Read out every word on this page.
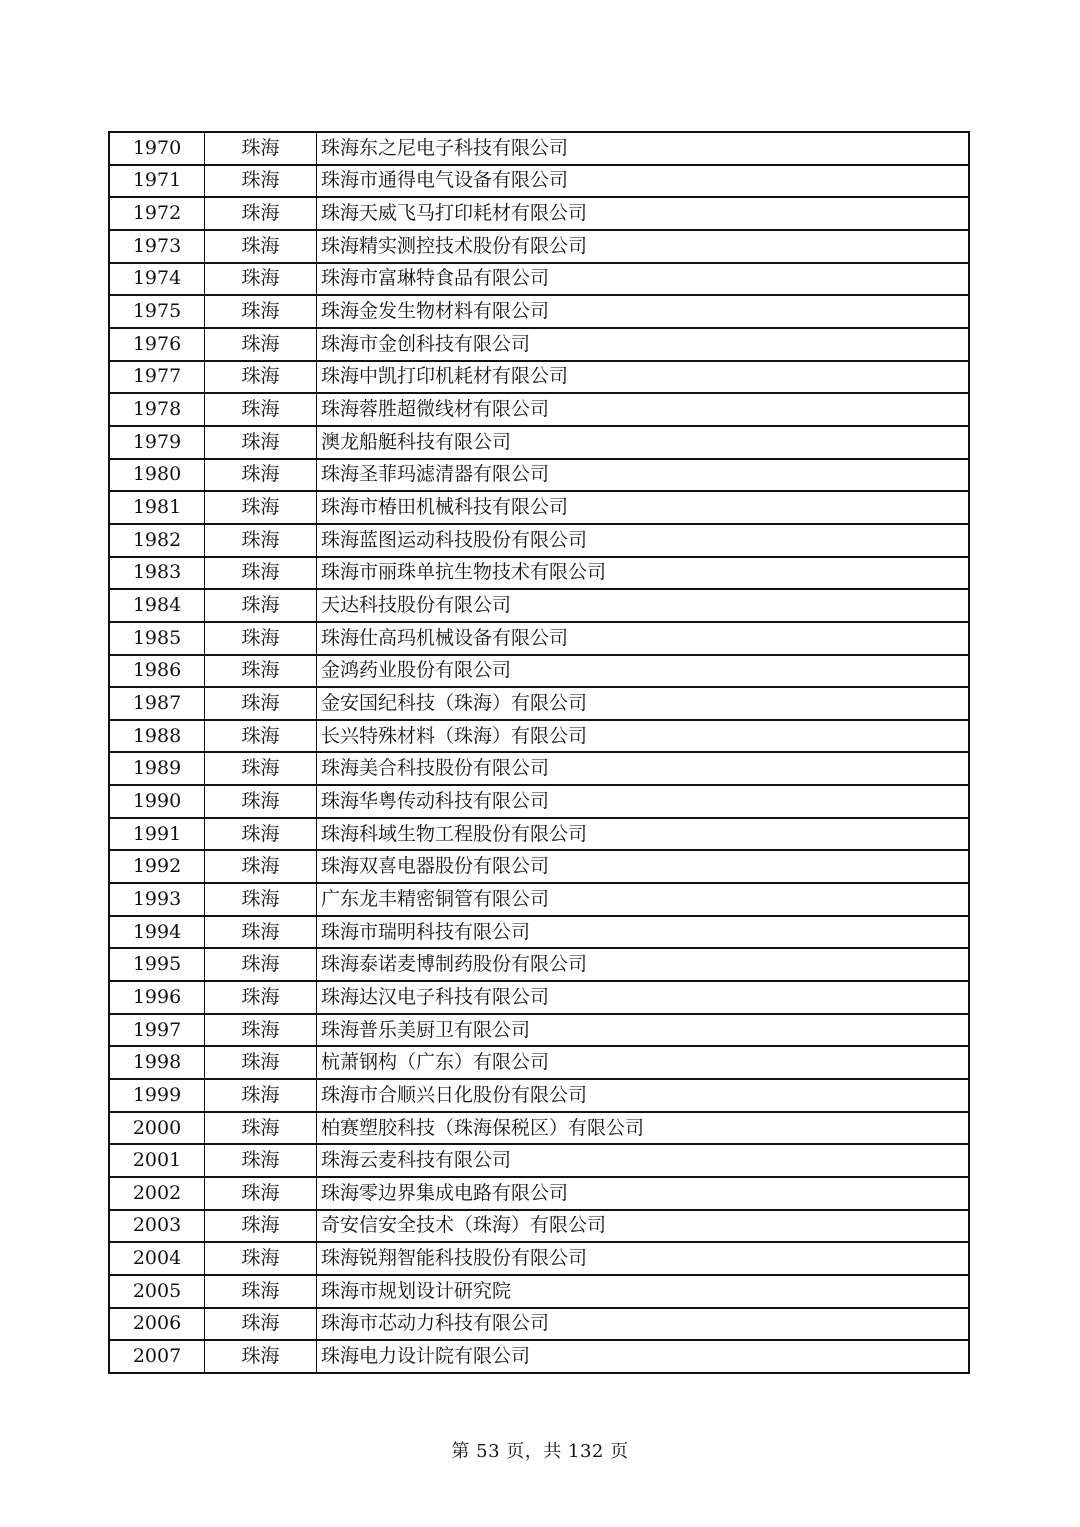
1970	珠海	珠海东之尼电子科技有限公司
1971	珠海	珠海市通得电气设备有限公司
1972	珠海	珠海天威飞马打印耗材有限公司
1973	珠海	珠海精实测控技术股份有限公司
1974	珠海	珠海市富琳特食品有限公司
1975	珠海	珠海金发生物材料有限公司
1976	珠海	珠海市金创科技有限公司
1977	珠海	珠海中凯打印机耗材有限公司
1978	珠海	珠海蓉胜超微线材有限公司
1979	珠海	澳龙船艇科技有限公司
1980	珠海	珠海圣菲玛滤清器有限公司
1981	珠海	珠海市椿田机械科技有限公司
1982	珠海	珠海蓝图运动科技股份有限公司
1983	珠海	珠海市丽珠单抗生物技术有限公司
1984	珠海	天达科技股份有限公司
1985	珠海	珠海仕高玛机械设备有限公司
1986	珠海	金鸿药业股份有限公司
1987	珠海	金安国纪科技（珠海）有限公司
1988	珠海	长兴特殊材料（珠海）有限公司
1989	珠海	珠海美合科技股份有限公司
1990	珠海	珠海华粤传动科技有限公司
1991	珠海	珠海科域生物工程股份有限公司
1992	珠海	珠海双喜电器股份有限公司
1993	珠海	广东龙丰精密铜管有限公司
1994	珠海	珠海市瑞明科技有限公司
1995	珠海	珠海泰诺麦博制药股份有限公司
1996	珠海	珠海达汉电子科技有限公司
1997	珠海	珠海普乐美厨卫有限公司
1998	珠海	杭萧钢构（广东）有限公司
1999	珠海	珠海市合顺兴日化股份有限公司
2000	珠海	柏赛塑胶科技（珠海保税区）有限公司
2001	珠海	珠海云麦科技有限公司
2002	珠海	珠海零边界集成电路有限公司
2003	珠海	奇安信安全技术（珠海）有限公司
2004	珠海	珠海锐翔智能科技股份有限公司
2005	珠海	珠海市规划设计研究院
2006	珠海	珠海市芯动力科技有限公司
2007	珠海	珠海电力设计院有限公司
第 53 页，共 132 页
